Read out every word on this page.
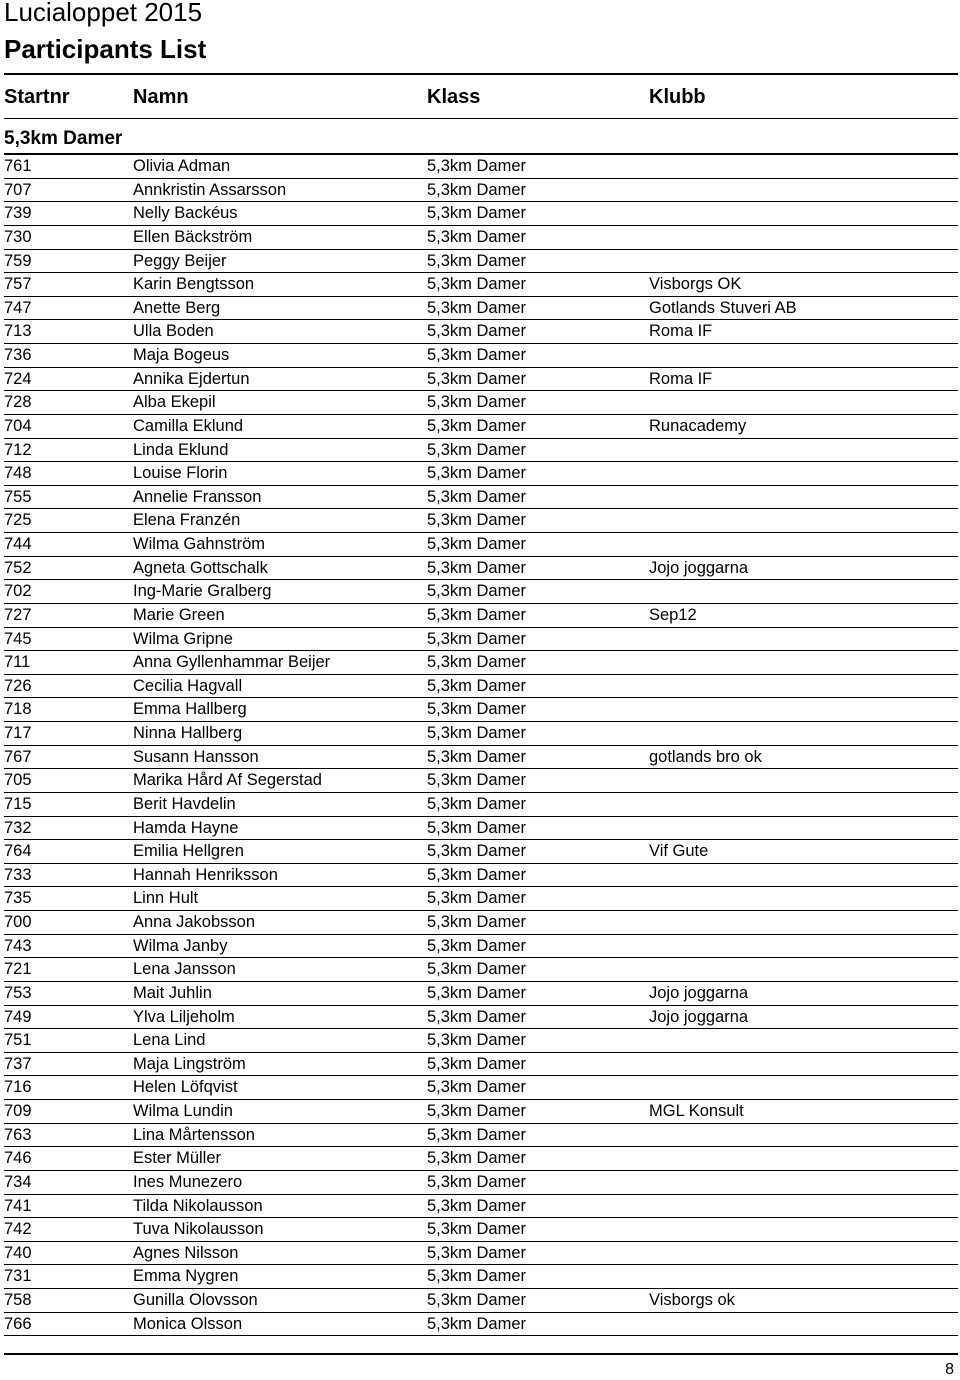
Lucialoppet 2015
Participants List
Startnr	Namn	Klass	Klubb
5,3km Damer
761	Olivia Adman	5,3km Damer
707	Annkristin Assarsson	5,3km Damer
739	Nelly Backéus	5,3km Damer
730	Ellen Bäckström	5,3km Damer
759	Peggy Beijer	5,3km Damer
757	Karin Bengtsson	5,3km Damer	Visborgs OK
747	Anette Berg	5,3km Damer	Gotlands Stuveri AB
713	Ulla Boden	5,3km Damer	Roma IF
736	Maja Bogeus	5,3km Damer
724	Annika Ejdertun	5,3km Damer	Roma IF
728	Alba Ekepil	5,3km Damer
704	Camilla Eklund	5,3km Damer	Runacademy
712	Linda Eklund	5,3km Damer
748	Louise Florin	5,3km Damer
755	Annelie Fransson	5,3km Damer
725	Elena Franzén	5,3km Damer
744	Wilma Gahnström	5,3km Damer
752	Agneta Gottschalk	5,3km Damer	Jojo joggarna
702	Ing-Marie Gralberg	5,3km Damer
727	Marie Green	5,3km Damer	Sep12
745	Wilma Gripne	5,3km Damer
711	Anna Gyllenhammar Beijer	5,3km Damer
726	Cecilia Hagvall	5,3km Damer
718	Emma Hallberg	5,3km Damer
717	Ninna Hallberg	5,3km Damer
767	Susann Hansson	5,3km Damer	gotlands bro ok
705	Marika Hård Af Segerstad	5,3km Damer
715	Berit Havdelin	5,3km Damer
732	Hamda Hayne	5,3km Damer
764	Emilia Hellgren	5,3km Damer	Vif Gute
733	Hannah Henriksson	5,3km Damer
735	Linn Hult	5,3km Damer
700	Anna Jakobsson	5,3km Damer
743	Wilma Janby	5,3km Damer
721	Lena Jansson	5,3km Damer
753	Mait Juhlin	5,3km Damer	Jojo joggarna
749	Ylva Liljeholm	5,3km Damer	Jojo joggarna
751	Lena Lind	5,3km Damer
737	Maja Lingström	5,3km Damer
716	Helen Löfqvist	5,3km Damer
709	Wilma Lundin	5,3km Damer	MGL Konsult
763	Lina Mårtensson	5,3km Damer
746	Ester Müller	5,3km Damer
734	Ines Munezero	5,3km Damer
741	Tilda Nikolausson	5,3km Damer
742	Tuva Nikolausson	5,3km Damer
740	Agnes Nilsson	5,3km Damer
731	Emma Nygren	5,3km Damer
758	Gunilla Olovsson	5,3km Damer	Visborgs ok
766	Monica Olsson	5,3km Damer
8
